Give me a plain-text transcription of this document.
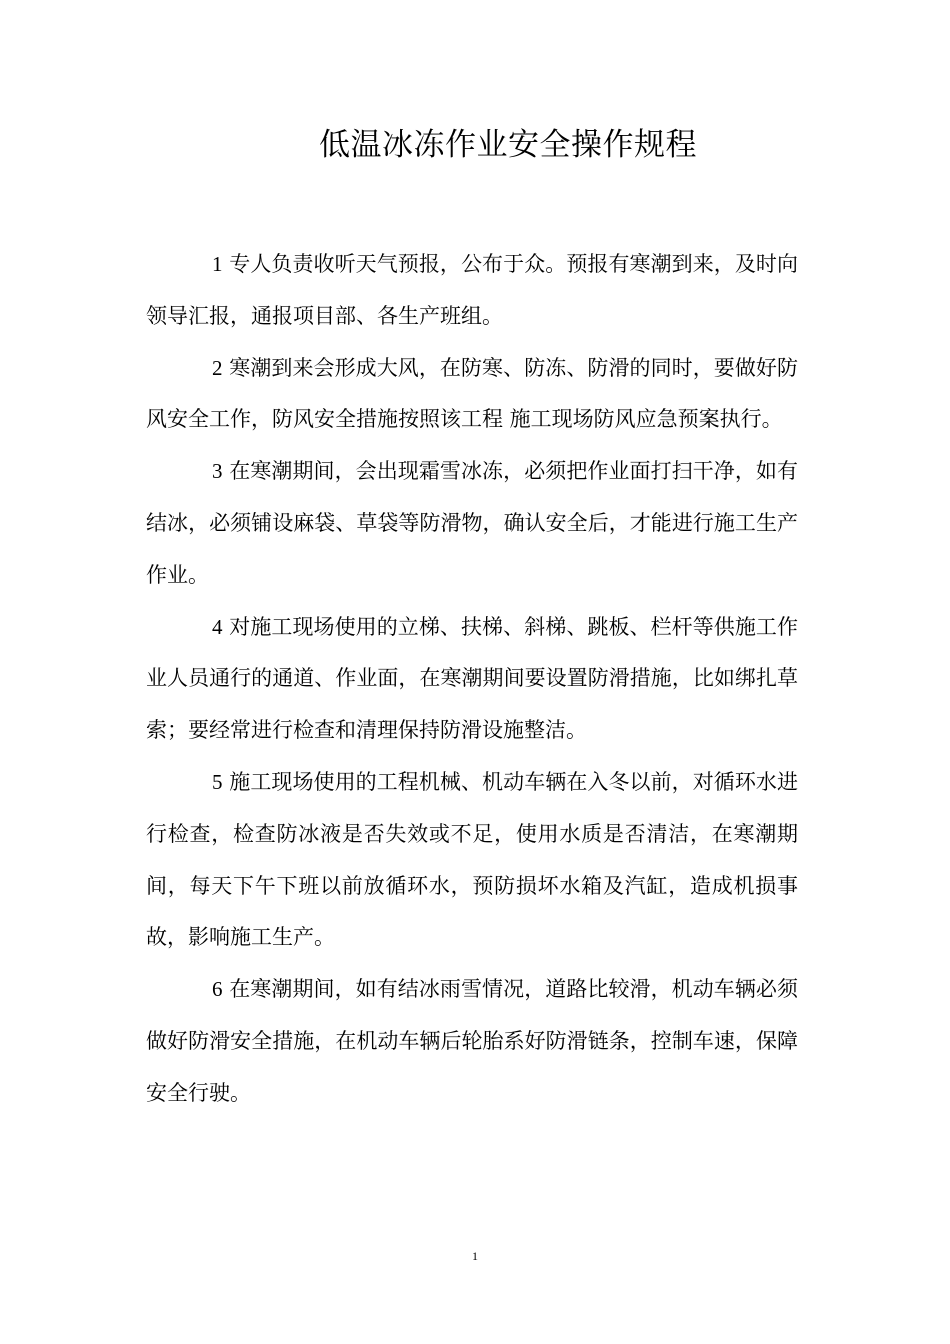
低温冰冻作业安全操作规程

1 专人负责收听天气预报，公布于众。预报有寒潮到来，及时向领导汇报，通报项目部、各生产班组。

2 寒潮到来会形成大风，在防寒、防冻、防滑的同时，要做好防风安全工作，防风安全措施按照该工程 施工现场防风应急预案执行。

3 在寒潮期间，会出现霜雪冰冻，必须把作业面打扫干净，如有结冰，必须铺设麻袋、草袋等防滑物，确认安全后，才能进行施工生产作业。

4 对施工现场使用的立梯、扶梯、斜梯、跳板、栏杆等供施工作业人员通行的通道、作业面，在寒潮期间要设置防滑措施，比如绑扎草索；要经常进行检查和清理保持防滑设施整洁。

5 施工现场使用的工程机械、机动车辆在入冬以前，对循环水进行检查，检查防冰液是否失效或不足，使用水质是否清洁，在寒潮期间，每天下午下班以前放循环水，预防损坏水箱及汽缸，造成机损事故，影响施工生产。

6 在寒潮期间，如有结冰雨雪情况，道路比较滑，机动车辆必须做好防滑安全措施，在机动车辆后轮胎系好防滑链条，控制车速，保障安全行驶。

1
